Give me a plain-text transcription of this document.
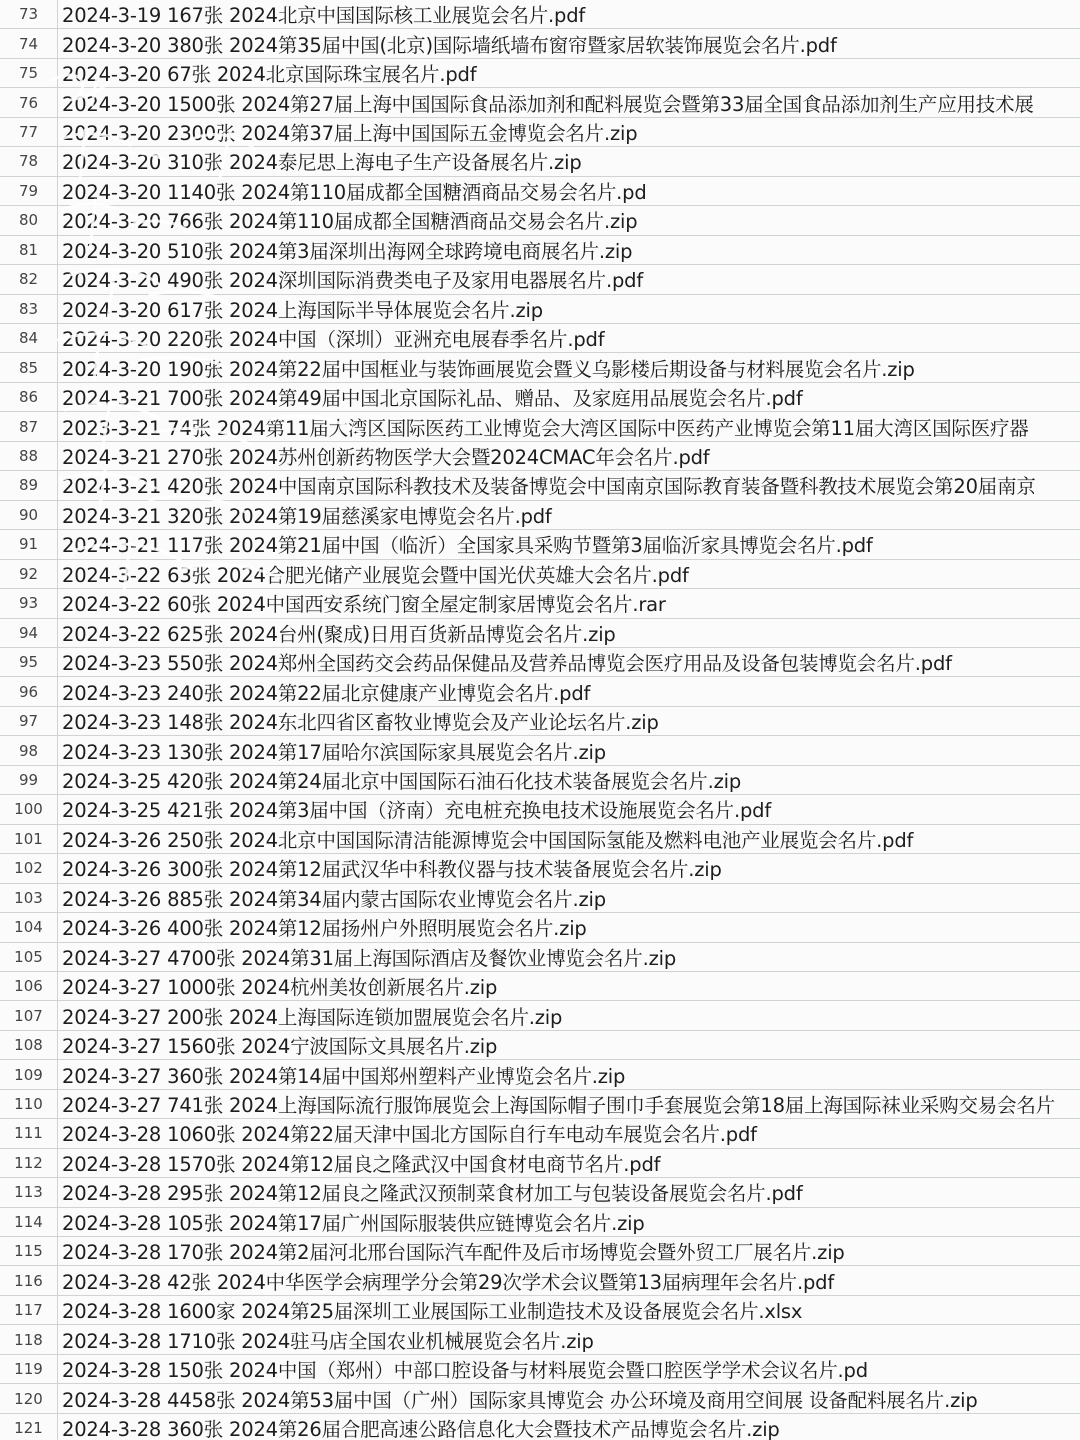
73	2024-3-19 167张 2024北京中国国际核工业展览会名片.pdf
74	2024-3-20 380张 2024第35届中国(北京)国际墙纸墙布窗帘暨家居软装饰展览会名片.pdf
75	2024-3-20 67张 2024北京国际珠宝展名片.pdf
76	2024-3-20 1500张 2024第27届上海中国国际食品添加剂和配料展览会暨第33届全国食品添加剂生产应用技术展
77	2024-3-20 2300张 2024第37届上海中国国际五金博览会名片.zip
78	2024-3-20 310张 2024泰尼思上海电子生产设备展名片.zip
79	2024-3-20 1140张 2024第110届成都全国糖酒商品交易会名片.pd
80	2024-3-20 766张 2024第110届成都全国糖酒商品交易会名片.zip
81	2024-3-20 510张 2024第3届深圳出海网全球跨境电商展名片.zip
82	2024-3-20 490张 2024深圳国际消费类电子及家用电器展名片.pdf
83	2024-3-20 617张 2024上海国际半导体展览会名片.zip
84	2024-3-20 220张 2024中国（深圳）亚洲充电展春季名片.pdf
85	2024-3-20 190张 2024第22届中国框业与装饰画展览会暨义乌影楼后期设备与材料展览会名片.zip
86	2024-3-21 700张 2024第49届中国北京国际礼品、赠品、及家庭用品展览会名片.pdf
87	2023-3-21 74张 2024第11届大湾区国际医药工业博览会大湾区国际中医药产业博览会第11届大湾区国际医疗器
88	2024-3-21 270张 2024苏州创新药物医学大会暨2024CMAC年会名片.pdf
89	2024-3-21 420张 2024中国南京国际科教技术及装备博览会中国南京国际教育装备暨科教技术展览会第20届南京
90	2024-3-21 320张 2024第19届慈溪家电博览会名片.pdf
91	2024-3-21 117张 2024第21届中国（临沂）全国家具采购节暨第3届临沂家具博览会名片.pdf
92	2024-3-22 63张 2024合肥光储产业展览会暨中国光伏英雄大会名片.pdf
93	2024-3-22 60张 2024中国西安系统门窗全屋定制家居博览会名片.rar
94	2024-3-22 625张 2024台州(聚成)日用百货新品博览会名片.zip
95	2024-3-23 550张 2024郑州全国药交会药品保健品及营养品博览会医疗用品及设备包装博览会名片.pdf
96	2024-3-23 240张 2024第22届北京健康产业博览会名片.pdf
97	2024-3-23 148张 2024东北四省区畜牧业博览会及产业论坛名片.zip
98	2024-3-23 130张 2024第17届哈尔滨国际家具展览会名片.zip
99	2024-3-25 420张 2024第24届北京中国国际石油石化技术装备展览会名片.zip
100 2024-3-25 421张 2024第3届中国（济南）充电桩充换电技术设施展览会名片.pdf
101 2024-3-26 250张 2024北京中国国际清洁能源博览会中国国际氢能及燃料电池产业展览会名片.pdf
102 2024-3-26 300张 2024第12届武汉华中科教仪器与技术装备展览会名片.zip
103 2024-3-26 885张 2024第34届内蒙古国际农业博览会名片.zip
104 2024-3-26 400张 2024第12届扬州户外照明展览会名片.zip
105 2024-3-27 4700张 2024第31届上海国际酒店及餐饮业博览会名片.zip
106 2024-3-27 1000张 2024杭州美妆创新展名片.zip
107 2024-3-27 200张 2024上海国际连锁加盟展览会名片.zip
108 2024-3-27 1560张 2024宁波国际文具展名片.zip
109 2024-3-27 360张 2024第14届中国郑州塑料产业博览会名片.zip
110 2024-3-27 741张 2024上海国际流行服饰展览会上海国际帽子围巾手套展览会第18届上海国际袜业采购交易会名片
111 2024-3-28 1060张 2024第22届天津中国北方国际自行车电动车展览会名片.pdf
112 2024-3-28 1570张 2024第12届良之隆武汉中国食材电商节名片.pdf
113 2024-3-28 295张 2024第12届良之隆武汉预制菜食材加工与包装设备展览会名片.pdf
114 2024-3-28 105张 2024第17届广州国际服装供应链博览会名片.zip
115 2024-3-28 170张 2024第2届河北邢台国际汽车配件及后市场博览会暨外贸工厂展名片.zip
116 2024-3-28 42张 2024中华医学会病理学分会第29次学术会议暨第13届病理年会名片.pdf
117 2024-3-28 1600家 2024第25届深圳工业展国际工业制造技术及设备展览会名片.xlsx
118 2024-3-28 1710张 2024驻马店全国农业机械展览会名片.zip
119 2024-3-28 150张 2024中国（郑州）中部口腔设备与材料展览会暨口腔医学学术会议名片.pd
120 2024-3-28 4458张 2024第53届中国（广州）国际家具博览会 办公环境及商用空间展 设备配料展名片.zip
121 2024-3-28 360张 2024第26届合肥高速公路信息化大会暨技术产品博览会名片.zip
